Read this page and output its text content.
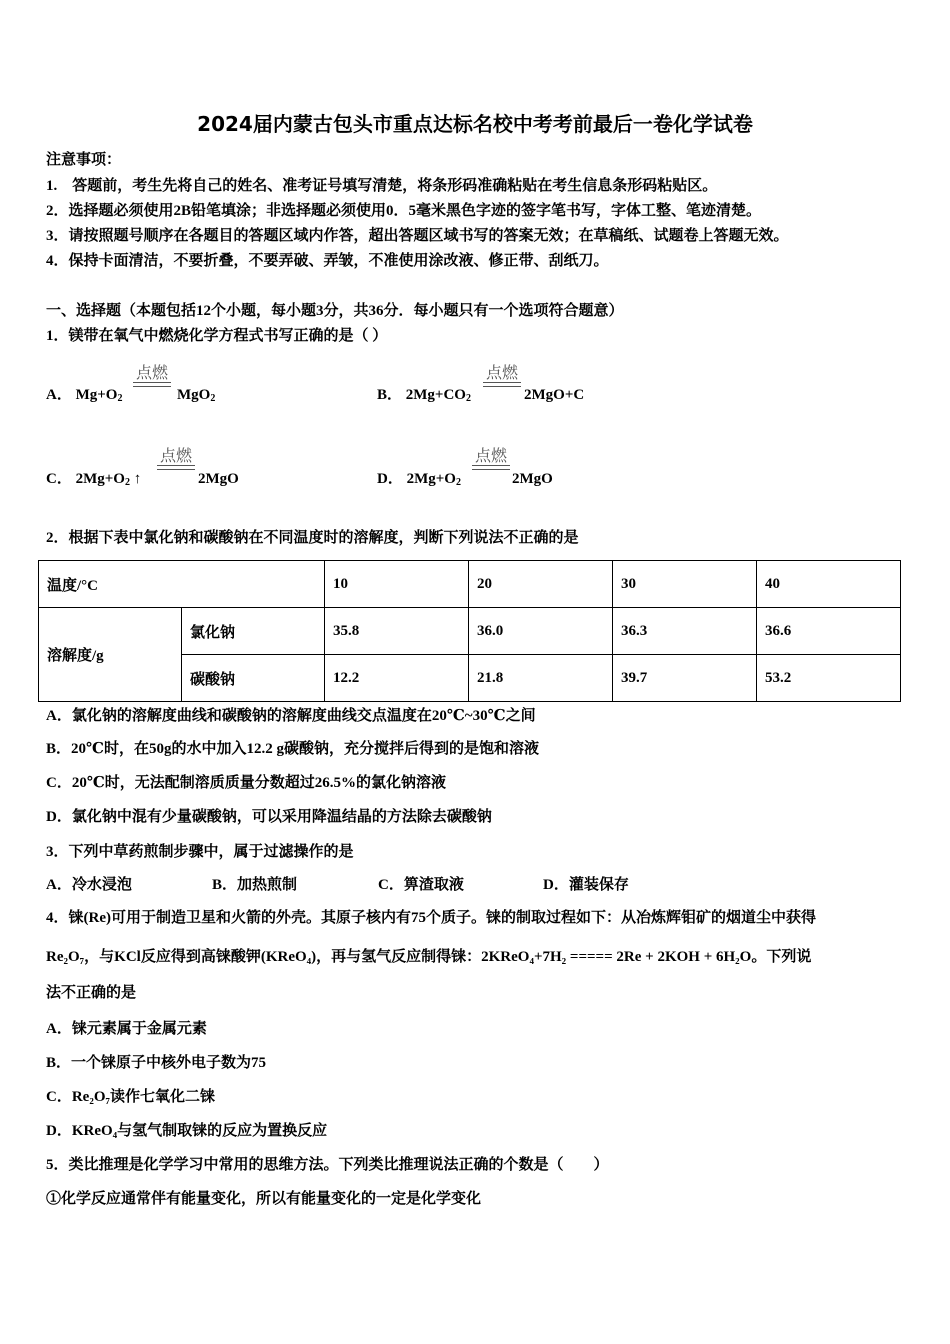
2024届内蒙古包头市重点达标名校中考考前最后一卷化学试卷
注意事项：
1.　答题前，考生先将自己的姓名、准考证号填写清楚，将条形码准确粘贴在考生信息条形码粘贴区。
2．选择题必须使用2B铅笔填涂；非选择题必须使用0．5毫米黑色字迹的签字笔书写，字体工整、笔迹清楚。
3．请按照题号顺序在各题目的答题区域内作答，超出答题区域书写的答案无效；在草稿纸、试题卷上答题无效。
4．保持卡面清洁，不要折叠，不要弄破、弄皱，不准使用涂改液、修正带、刮纸刀。
一、选择题（本题包括12个小题，每小题3分，共36分．每小题只有一个选项符合题意）
1．镁带在氧气中燃烧化学方程式书写正确的是（ ）
A． $Mg+O_2$
点燃
MgO$_2$	B． $2Mg+CO_2$
点燃
2MgO+C
C． $2Mg+O_2$ ↑
点燃
2MgO	D． $2Mg+O_2$
点燃
2MgO
2．根据下表中氯化钠和碳酸钠在不同温度时的溶解度，判断下列说法不正确的是
温度/°C		10	20	30	40
溶解度/g	氯化钠	35.8	36.0	36.3	36.6
	碳酸钠	12.2	21.8	39.7	53.2
A．氯化钠的溶解度曲线和碳酸钠的溶解度曲线交点温度在20℃~30℃之间
B．20℃时，在50g的水中加入12.2 g碳酸钠，充分搅拌后得到的是饱和溶液
C．20℃时，无法配制溶质质量分数超过26.5%的氯化钠溶液
D．氯化钠中混有少量碳酸钠，可以采用降温结晶的方法除去碳酸钠
3．下列中草药煎制步骤中，属于过滤操作的是
A．冷水浸泡	B．加热煎制	C．箅渣取液	D．灌装保存
4．铼(Re)可用于制造卫星和火箭的外壳。其原子核内有75个质子。铼的制取过程如下：从冶炼辉钼矿的烟道尘中获得
Re₂O₇，与KCl反应得到高铼酸钾(KReO₄)，再与氢气反应制得铼：2KReO₄+7H₂ ===== 2Re + 2KOH + 6H₂O。下列说
法不正确的是
A．铼元素属于金属元素
B．一个铼原子中核外电子数为75
C．Re₂O₇读作七氧化二铼
D．KReO₄与氢气制取铼的反应为置换反应
5．类比推理是化学学习中常用的思维方法。下列类比推理说法正确的个数是（　　）
①化学反应通常伴有能量变化，所以有能量变化的一定是化学变化
